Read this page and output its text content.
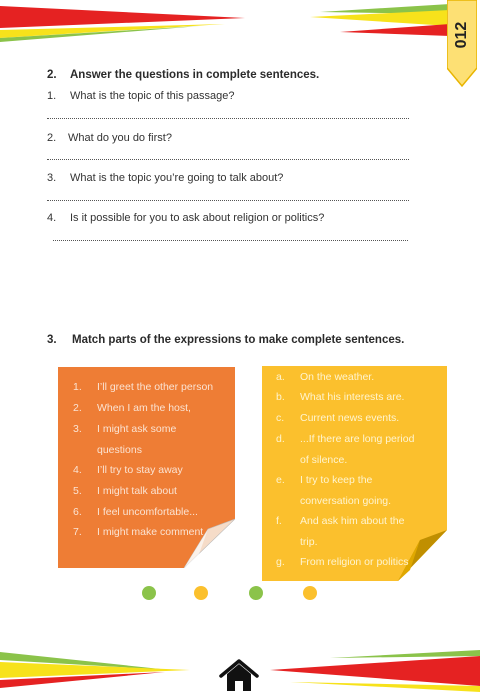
012
2. Answer the questions in complete sentences.
1. What is the topic of this passage?
2. What do you do first?
3. What is the topic you’re going to talk about?
4. Is it possible for you to ask about religion or politics?
3. Match parts of the expressions to make complete sentences.
1. I’ll greet the other person
2. When I am the host,
3. I might ask some
questions
4. I’ll try to stay away
5. I might talk about
6. I feel uncomfortable...
7. I might make comment
a. On the weather.
b. What his interests are.
c. Current news events.
d. ...If there are long period
of silence.
e. I try to keep the
conversation going.
f. And ask him about the
trip.
g. From religion or politics
